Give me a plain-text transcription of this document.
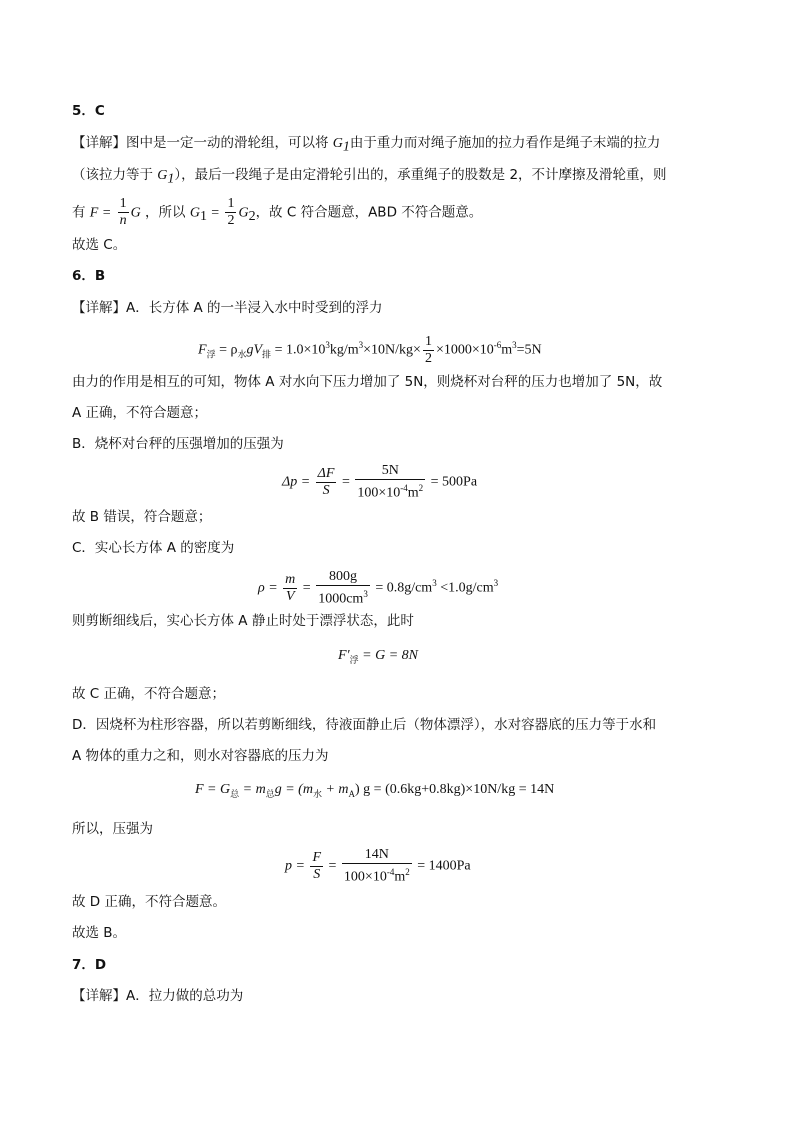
5．C
【详解】图中是一定一动的滑轮组，可以将 $G_1$由于重力而对绳子施加的拉力看作是绳子末端的拉力
（该拉力等于 $G_1$），最后一段绳子是由定滑轮引出的，承重绳子的股数是 2，不计摩擦及滑轮重，则
有 $F = \frac{1}{n}$ G ，所以 $G_1 = \frac{1}{2} G_2$，故 C 符合题意，ABD 不符合题意。
故选 C。
6．B
【详解】A．长方体 A 的一半浸入水中时受到的浮力
$F_浮 = \rho_水gV_排 = 1.0\times 10^3kg/m^3\times 10N/kg\times \frac{1}{2} \times 1000\times 10^{-6}m^3=5N$
由力的作用是相互的可知，物体 A 对水向下压力增加了 5N，则烧杯对台秤的压力也增加了 5N，故
A 正确，不符合题意；
B．烧杯对台秤的压强增加的压强为
$\Delta p = \frac{\Delta F}{S} = \frac{5N}{100\times 10^{-4}m^2} = 500Pa$
故 B 错误，符合题意；
C．实心长方体 A 的密度为
$\rho = \frac{m}{V} = \frac{800g}{1000cm^3} = 0.8g/cm^3 <1.0g/cm^3$
则剪断细线后，实心长方体 A 静止时处于漂浮状态，此时
$F'_浮 = G = 8N$
故 C 正确，不符合题意；
D．因烧杯为柱形容器，所以若剪断细线，待液面静止后（物体漂浮），水对容器底的压力等于水和
A 物体的重力之和，则水对容器底的压力为
$F = G_总 = m_总g = (m_水 + m_A) g = (0.6kg+0.8kg)\times 10N/kg = 14N$
所以，压强为
$p = \frac{F}{S} = \frac{14N}{100\times 10^{-4}m^2} = 1400Pa$
故 D 正确，不符合题意。
故选 B。
7．D
【详解】A．拉力做的总功为
